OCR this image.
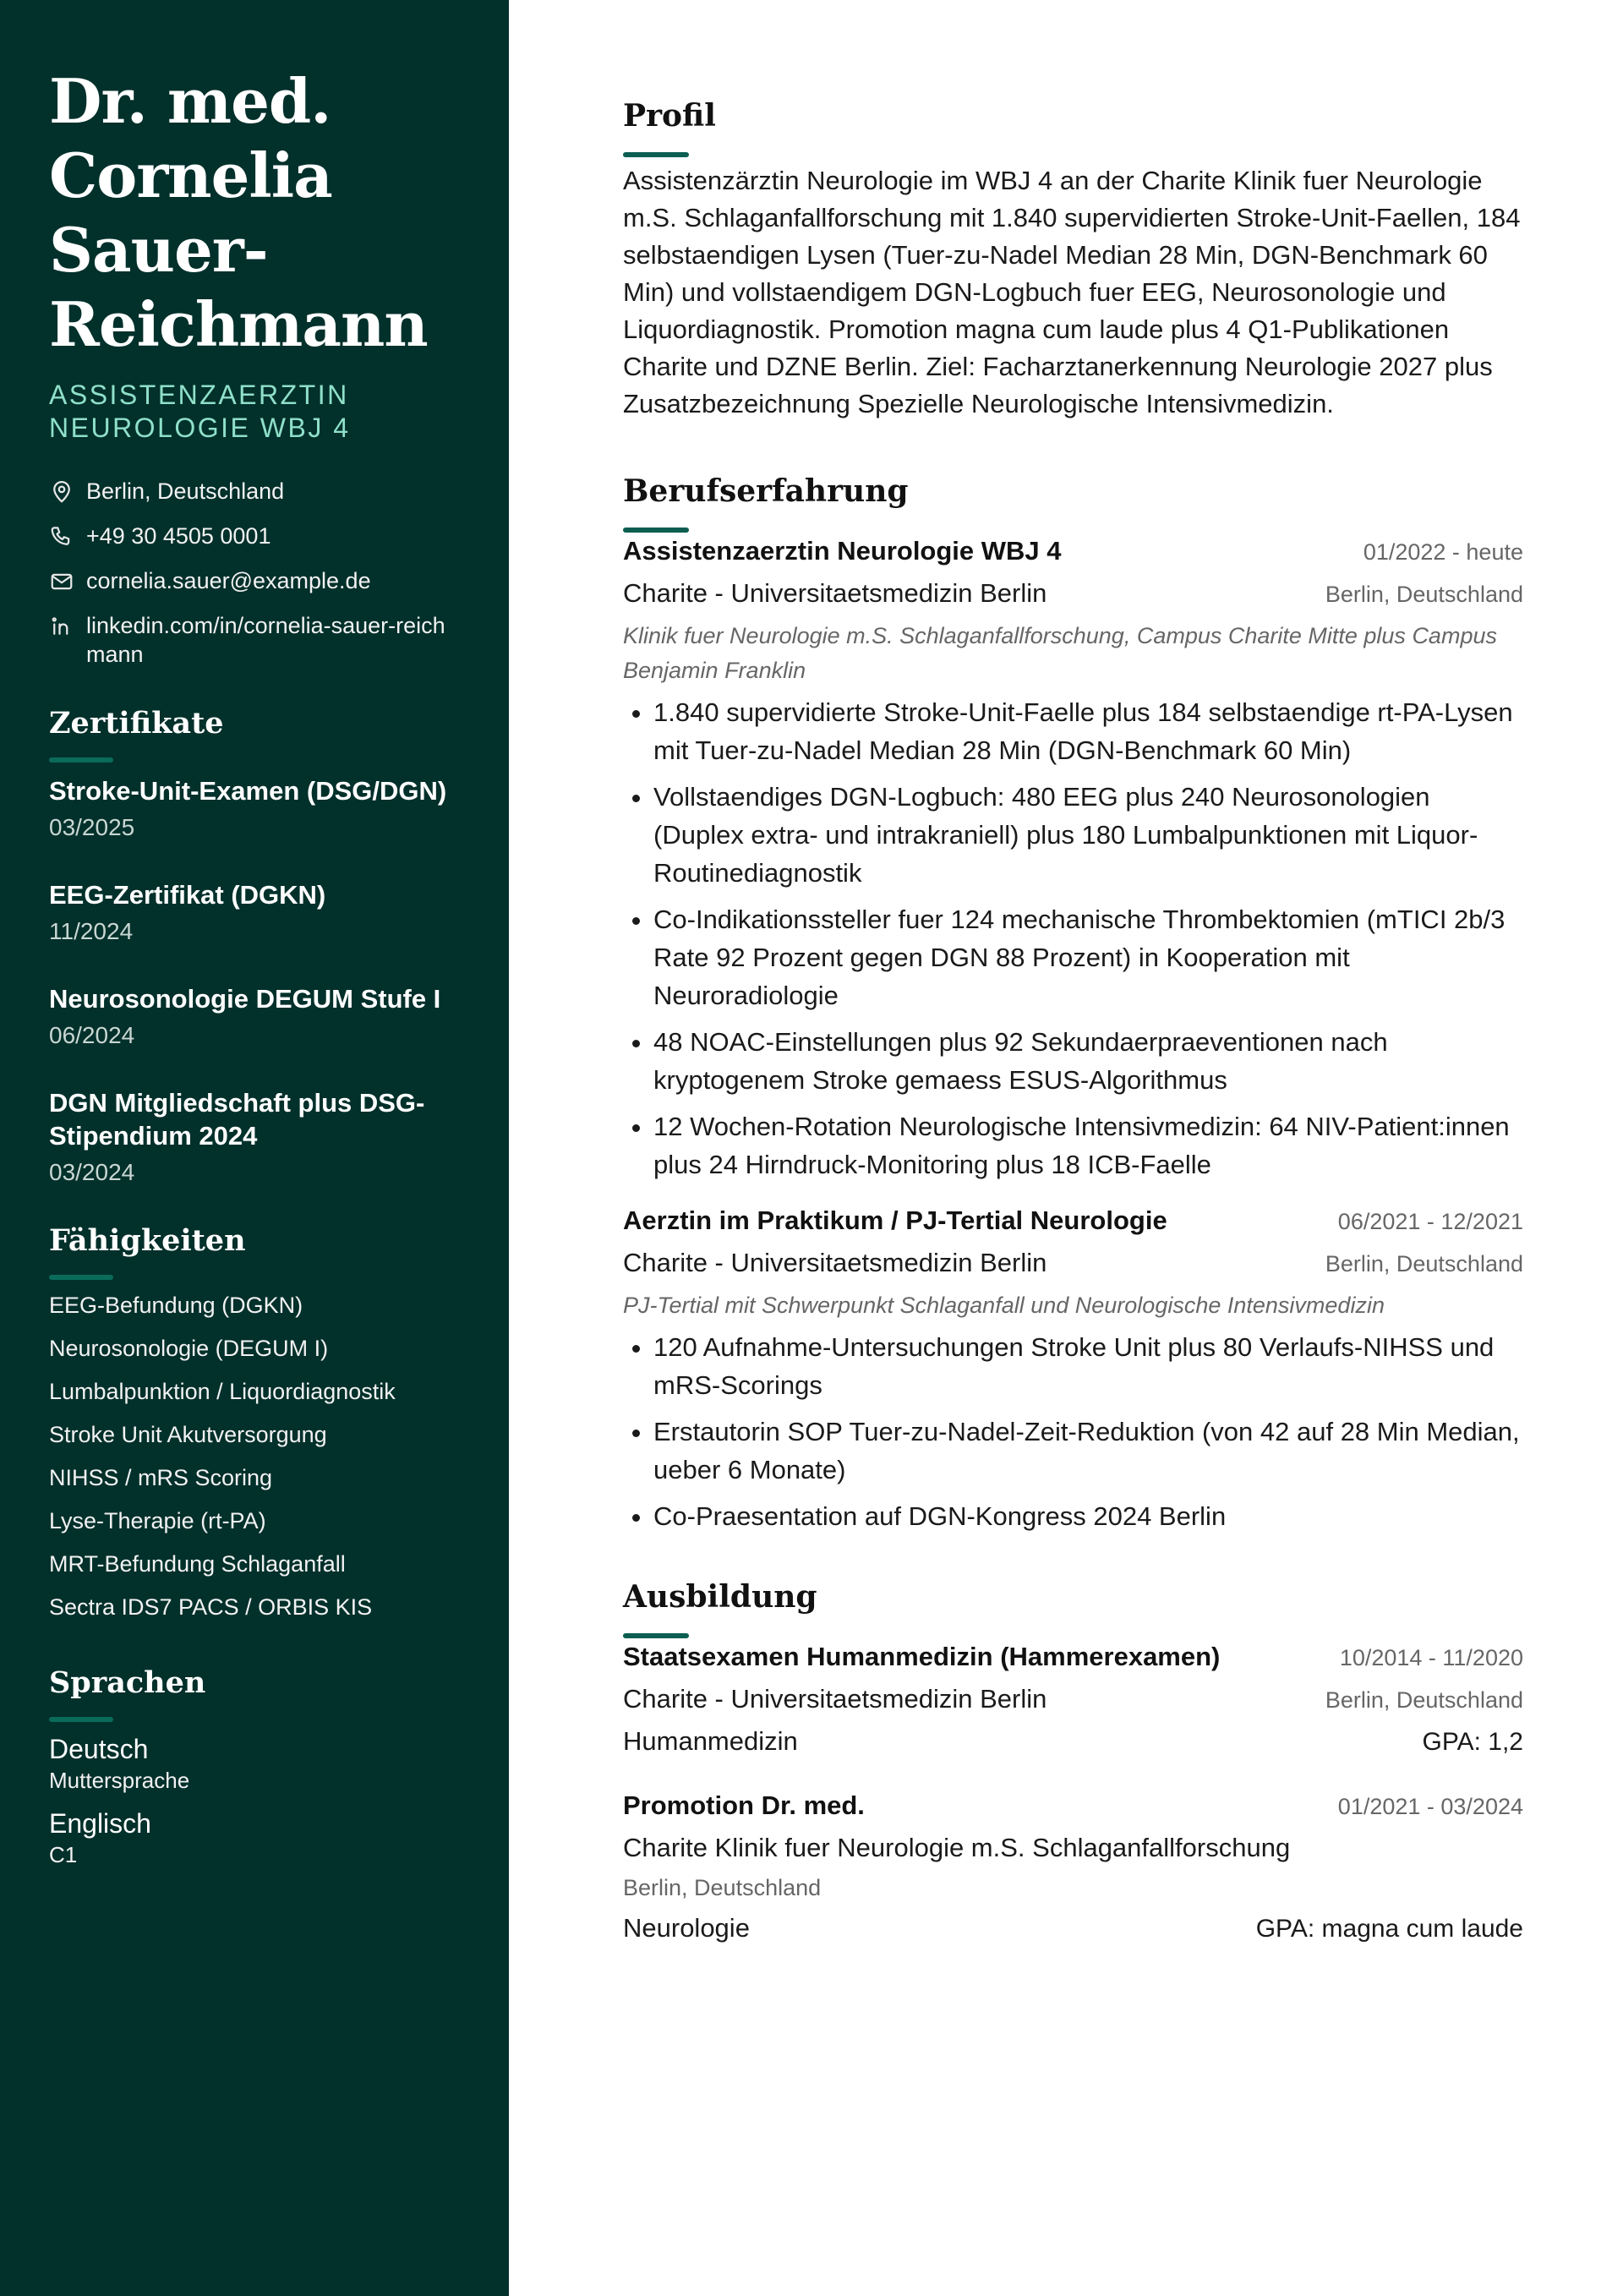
Dr. med.
Cornelia
Sauer-
Reichmann
ASSISTENZAERZTIN
NEUROLOGIE WBJ 4
Berlin, Deutschland
+49 30 4505 0001
cornelia.sauer@example.de
linkedin.com/in/cornelia-sauer-reichmann
Zertifikate
Stroke-Unit-Examen (DSG/DGN)
03/2025
EEG-Zertifikat (DGKN)
11/2024
Neurosonologie DEGUM Stufe I
06/2024
DGN Mitgliedschaft plus DSG-Stipendium 2024
03/2024
Fähigkeiten
EEG-Befundung (DGKN)
Neurosonologie (DEGUM I)
Lumbalpunktion / Liquordiagnostik
Stroke Unit Akutversorgung
NIHSS / mRS Scoring
Lyse-Therapie (rt-PA)
MRT-Befundung Schlaganfall
Sectra IDS7 PACS / ORBIS KIS
Sprachen
Deutsch
Muttersprache
Englisch
C1
Profil

Assistenzärztin Neurologie im WBJ 4 an der Charite Klinik fuer Neurologie m.S. Schlaganfallforschung mit 1.840 supervidierten Stroke-Unit-Faellen, 184 selbstaendigen Lysen (Tuer-zu-Nadel Median 28 Min, DGN-Benchmark 60 Min) und vollstaendigem DGN-Logbuch fuer EEG, Neurosonologie und Liquordiagnostik. Promotion magna cum laude plus 4 Q1-Publikationen Charite und DZNE Berlin. Ziel: Facharztanerkennung Neurologie 2027 plus Zusatzbezeichnung Spezielle Neurologische Intensivmedizin.

Berufserfahrung
Assistenzaerztin Neurologie WBJ 4	01/2022 - heute
Charite - Universitaetsmedizin Berlin	Berlin, Deutschland
Klinik fuer Neurologie m.S. Schlaganfallforschung, Campus Charite Mitte plus Campus Benjamin Franklin
• 1.840 supervidierte Stroke-Unit-Faelle plus 184 selbstaendige rt-PA-Lysen mit Tuer-zu-Nadel Median 28 Min (DGN-Benchmark 60 Min)
• Vollstaendiges DGN-Logbuch: 480 EEG plus 240 Neurosonologien (Duplex extra- und intrakraniell) plus 180 Lumbalpunktionen mit Liquor-Routinediagnostik
• Co-Indikationssteller fuer 124 mechanische Thrombektomien (mTICI 2b/3 Rate 92 Prozent gegen DGN 88 Prozent) in Kooperation mit Neuroradiologie
• 48 NOAC-Einstellungen plus 92 Sekundaerpraeventionen nach kryptogenem Stroke gemaess ESUS-Algorithmus
• 12 Wochen-Rotation Neurologische Intensivmedizin: 64 NIV-Patient:innen plus 24 Hirndruck-Monitoring plus 18 ICB-Faelle
Aerztin im Praktikum / PJ-Tertial Neurologie	06/2021 - 12/2021
Charite - Universitaetsmedizin Berlin	Berlin, Deutschland
PJ-Tertial mit Schwerpunkt Schlaganfall und Neurologische Intensivmedizin
• 120 Aufnahme-Untersuchungen Stroke Unit plus 80 Verlaufs-NIHSS und mRS-Scorings
• Erstautorin SOP Tuer-zu-Nadel-Zeit-Reduktion (von 42 auf 28 Min Median, ueber 6 Monate)
• Co-Praesentation auf DGN-Kongress 2024 Berlin
Ausbildung
Staatsexamen Humanmedizin (Hammerexamen)	10/2014 - 11/2020
Charite - Universitaetsmedizin Berlin	Berlin, Deutschland
Humanmedizin	GPA: 1,2
Promotion Dr. med.	01/2021 - 03/2024
Charite Klinik fuer Neurologie m.S. Schlaganfallforschung
Berlin, Deutschland
Neurologie	GPA: magna cum laude
